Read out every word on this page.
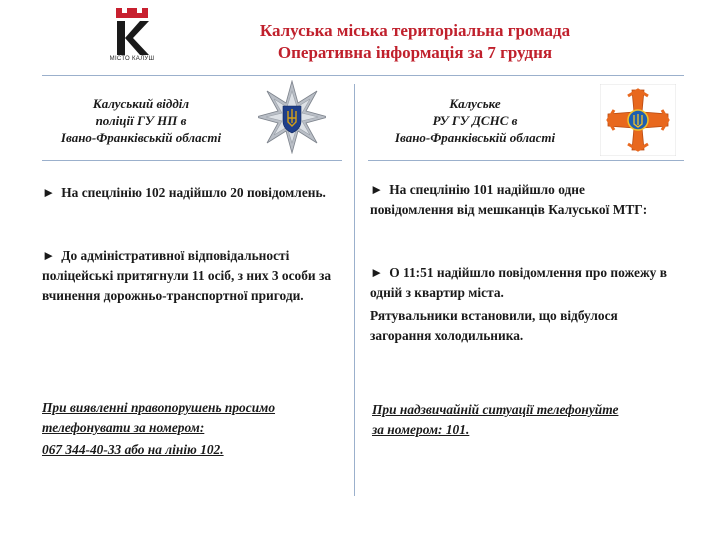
МІСТО КАЛУШ
Калуська міська територіальна громада
Оперативна інформація за 7 грудня
Калуський відділ
поліції ГУ НП в
Івано-Франківській області
► На спецлінію 102 надійшло 20 повідомлень.
► До адміністративної відповідальності поліцейські притягнули 11 осіб, з них 3 особи за вчинення дорожньо-транспортної пригоди.
При виявленні правопорушень просимо
телефонувати за номером:
067 344-40-33 або на лінію 102.
Калуське
РУ ГУ ДСНС в
Івано-Франківській області
► На спецлінію 101 надійшло одне повідомлення від мешканців Калуської МТГ:
► О 11:51 надійшло повідомлення про пожежу в одній з квартир міста.
Рятувальники встановили, що відбулося загорання холодильника.
При надзвичайній ситуації телефонуйте
за номером: 101.
